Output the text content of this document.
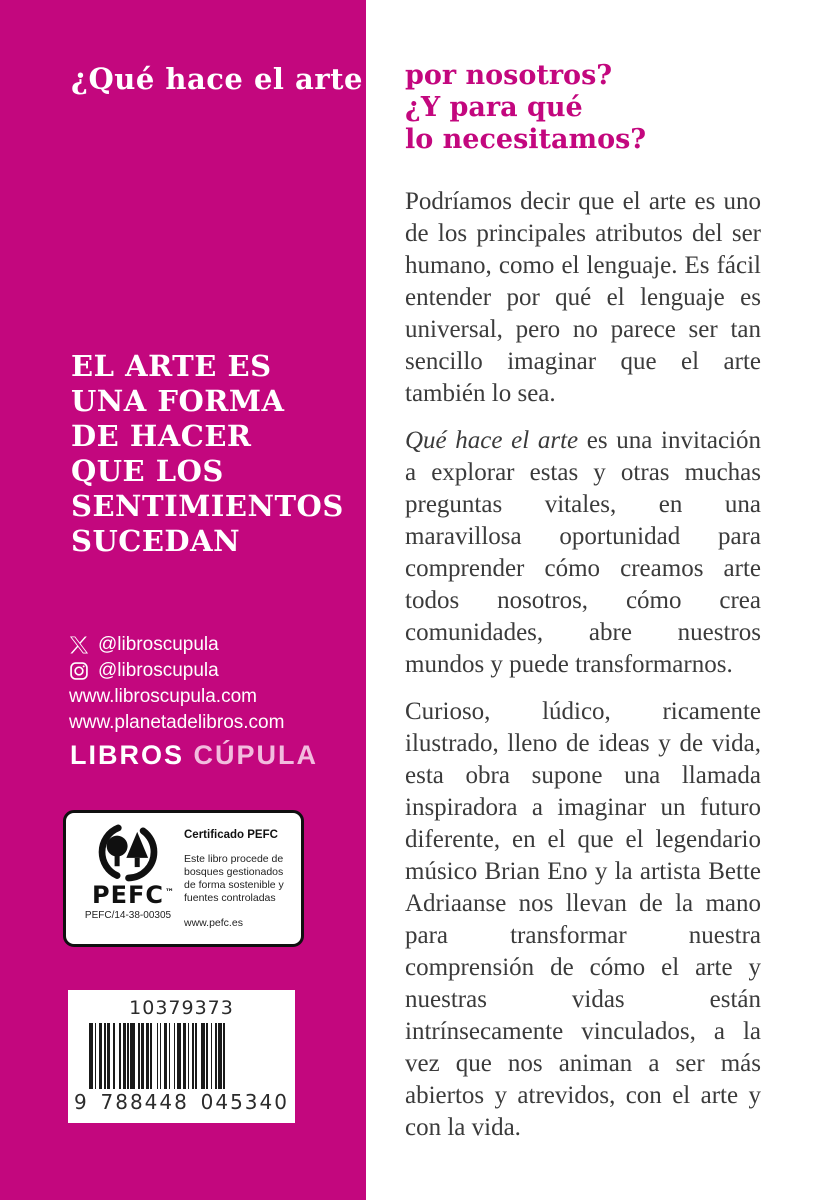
¿Qué hace el arte
EL ARTE ES
UNA FORMA
DE HACER
QUE LOS
SENTIMIENTOS
SUCEDAN
@libroscupula
@libroscupula
www.libroscupula.com
www.planetadelibros.com
LIBROS CÚPULA
PEFC ™
PEFC/14-38-00305
Certificado PEFC
Este libro procede de bosques gestionados de forma sostenible y fuentes controladas
www.pefc.es
10379373
9 788448 045340
por nosotros?
¿Y para qué
lo necesitamos?

Podríamos decir que el arte es uno de los principales atributos del ser humano, como el lenguaje. Es fácil entender por qué el lenguaje es universal, pero no parece ser tan sencillo imaginar que el arte también lo sea.

Qué hace el arte es una invitación a explorar estas y otras muchas preguntas vitales, en una maravillosa oportunidad para comprender cómo creamos arte todos nosotros, cómo crea comunidades, abre nuestros mundos y puede transformarnos.

Curioso, lúdico, ricamente ilustrado, lleno de ideas y de vida, esta obra supone una llamada inspiradora a imaginar un futuro diferente, en el que el legendario músico Brian Eno y la artista Bette Adriaanse nos llevan de la mano para transformar nuestra comprensión de cómo el arte y nuestras vidas están intrínsecamente vinculados, a la vez que nos animan a ser más abiertos y atrevidos, con el arte y con la vida.
